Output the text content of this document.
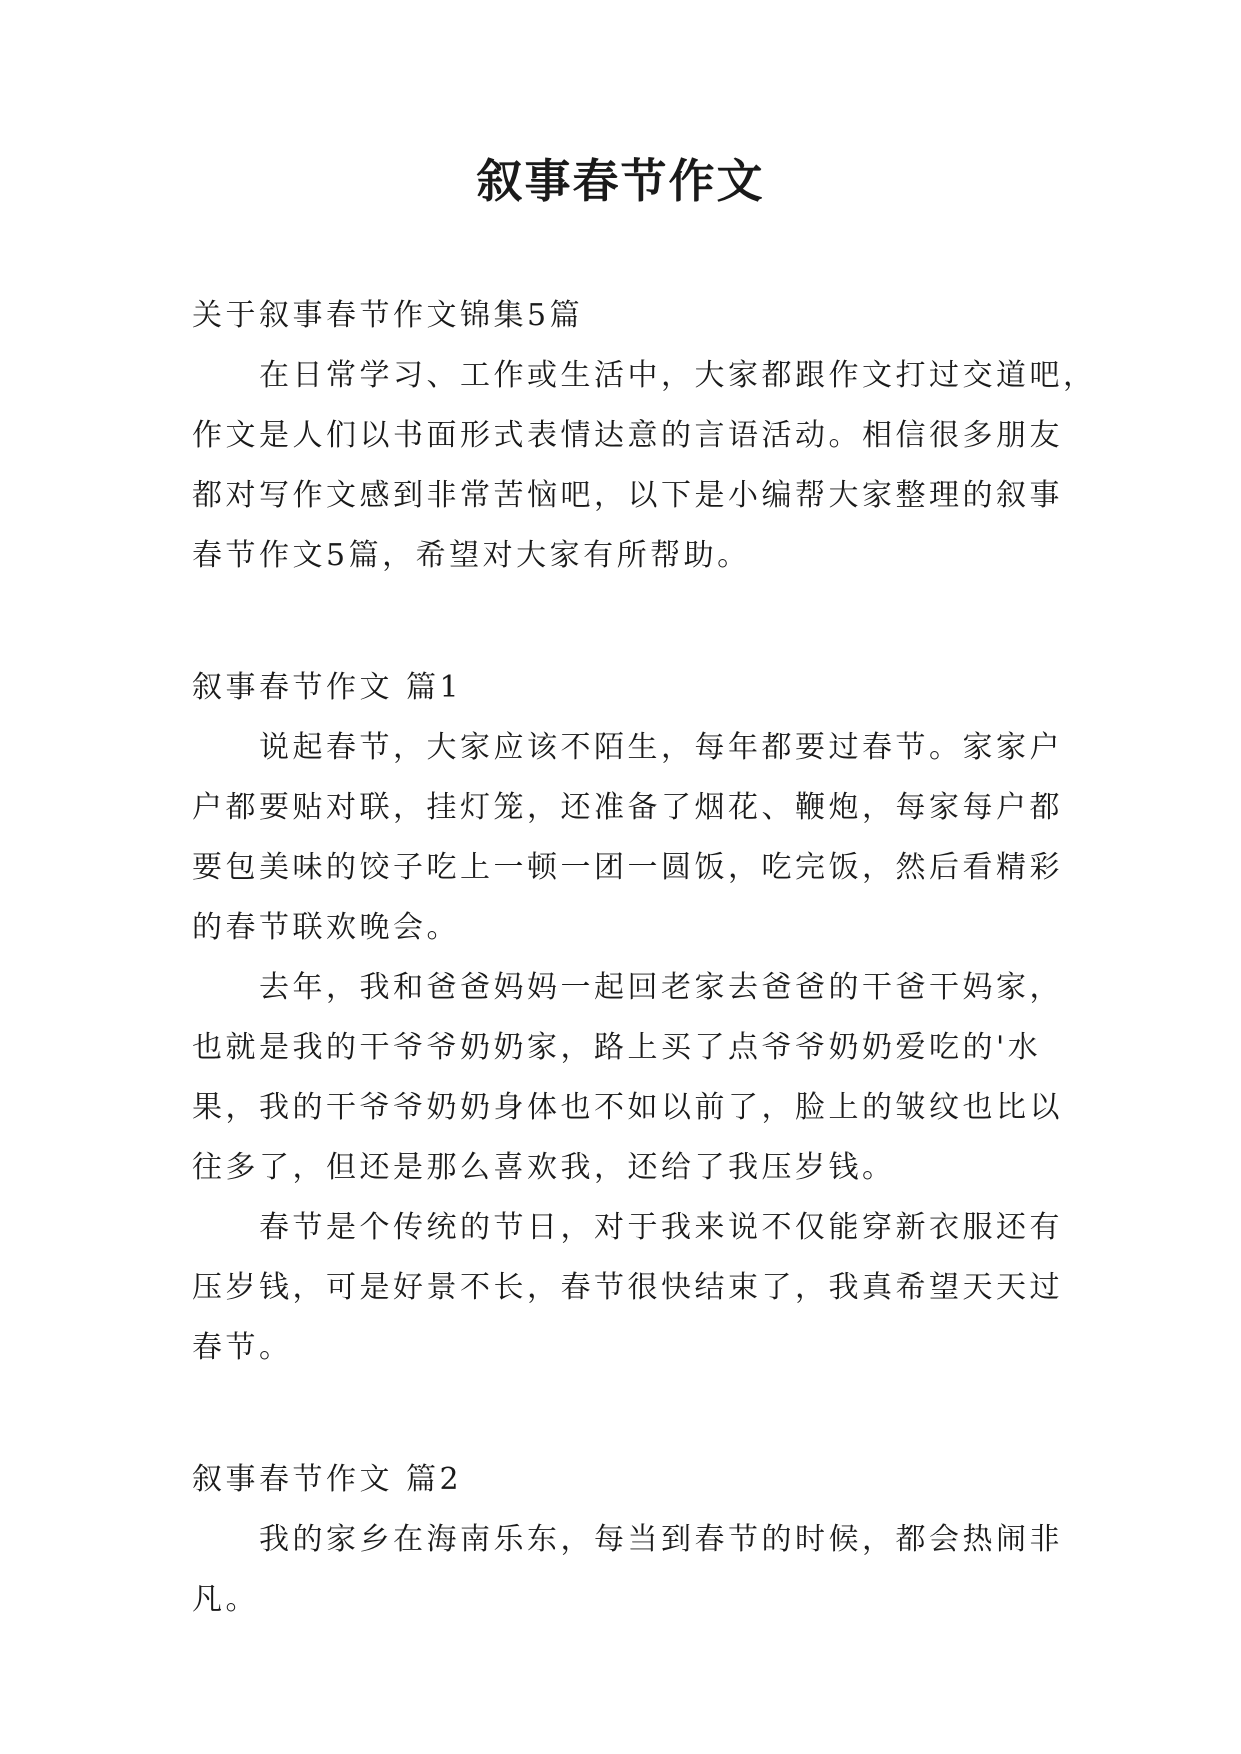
叙事春节作文

关于叙事春节作文锦集5篇

　　在日常学习、工作或生活中，大家都跟作文打过交道吧，

作文是人们以书面形式表情达意的言语活动。相信很多朋友

都对写作文感到非常苦恼吧，以下是小编帮大家整理的叙事

春节作文5篇，希望对大家有所帮助。

叙事春节作文 篇1

　　说起春节，大家应该不陌生，每年都要过春节。家家户

户都要贴对联，挂灯笼，还准备了烟花、鞭炮，每家每户都

要包美味的饺子吃上一顿一团一圆饭，吃完饭，然后看精彩

的春节联欢晚会。

　　去年，我和爸爸妈妈一起回老家去爸爸的干爸干妈家，

也就是我的干爷爷奶奶家，路上买了点爷爷奶奶爱吃的'水

果，我的干爷爷奶奶身体也不如以前了，脸上的皱纹也比以

往多了，但还是那么喜欢我，还给了我压岁钱。

　　春节是个传统的节日，对于我来说不仅能穿新衣服还有

压岁钱，可是好景不长，春节很快结束了，我真希望天天过

春节。

叙事春节作文 篇2

　　我的家乡在海南乐东，每当到春节的时候，都会热闹非

凡。
